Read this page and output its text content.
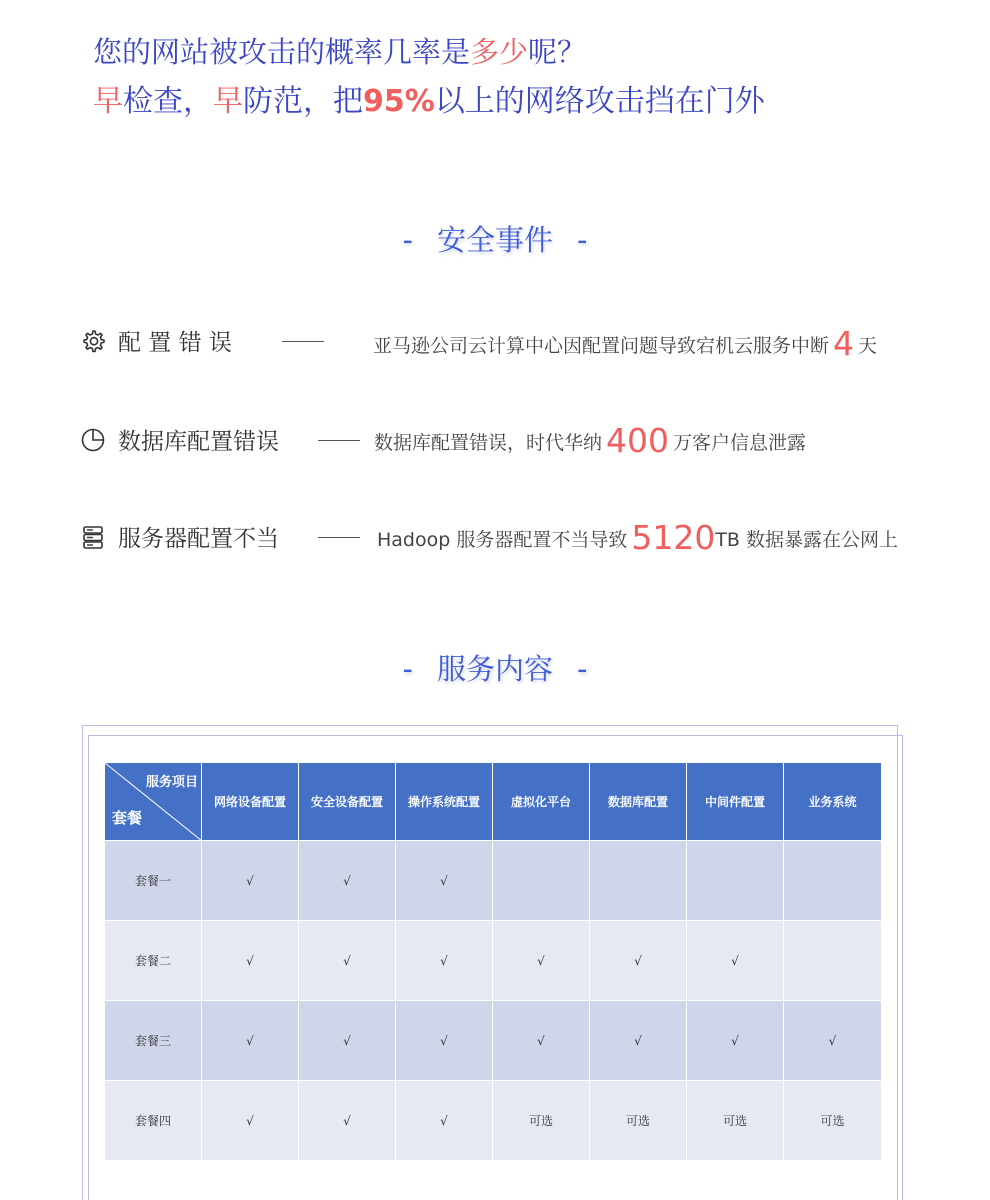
您的网站被攻击的概率几率是多少呢？
早检查，早防范，把95%以上的网络攻击挡在门外
- 安全事件 -
配 置 错 误	亚马逊公司云计算中心因配置问题导致宕机云服务中断 4 天
数据库配置错误	数据库配置错误，时代华纳 400 万客户信息泄露
服务器配置不当	Hadoop 服务器配置不当导致 5120TB 数据暴露在公网上
- 服务内容 -
服务项目
套餐	网络设备配置	安全设备配置	操作系统配置	虚拟化平台	数据库配置	中间件配置	业务系统
套餐一	√	√	√				
套餐二	√	√	√	√	√	√	
套餐三	√	√	√	√	√	√	√
套餐四	√	√	√	可选	可选	可选	可选
